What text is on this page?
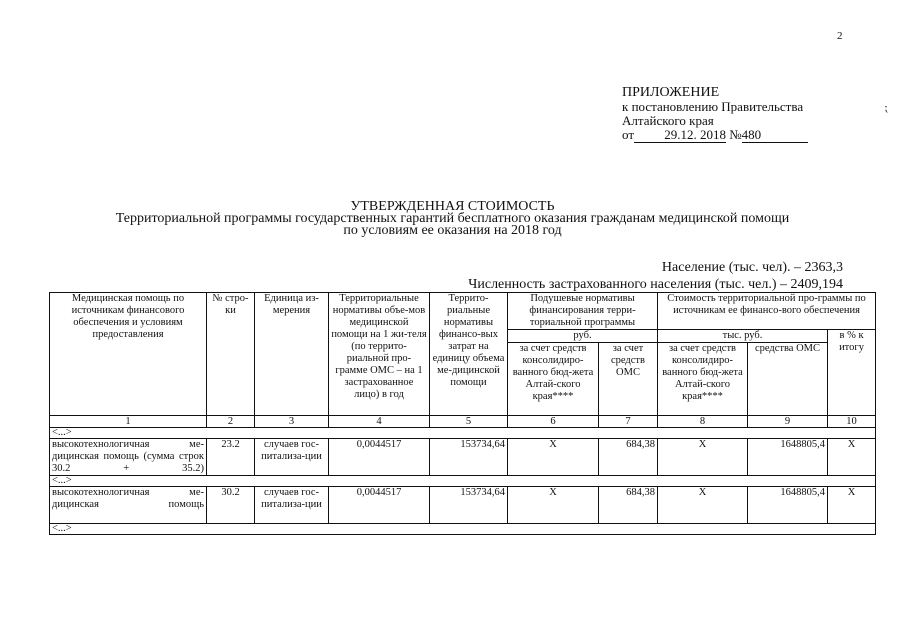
2
ПРИЛОЖЕНИЕ
к постановлению Правительства
Алтайского края
от 29.12. 2018 №480
⁏
УТВЕРЖДЕННАЯ СТОИМОСТЬ
Территориальной программы государственных гарантий бесплатного оказания гражданам медицинской помощи
по условиям ее оказания на 2018 год
Население (тыс. чел). – 2363,3
Численность застрахованного населения (тыс. чел.) – 2409,194
Медицинская помощь по источникам финансового обеспечения и условиям предоставления	№ стро-ки	Единица из-мерения	Территориальные нормативы объе-мов медицинской помощи на 1 жи-теля (по террито-риальной про-грамме ОМС – на 1 застрахованное лицо) в год	Террито-риальные нормативы финансо-вых затрат на единицу объема ме-дицинской помощи	Подушевые нормативы финансирования терри-ториальной программы		Стоимость территориальной про-граммы по источникам ее финансо-вого обеспечения		
					руб.		тыс. руб.		в % к итогу
					за счет средств консолидиро-ванного бюд-жета Алтай-ского края****	за счет средств ОМС	за счет средств консолидиро-ванного бюд-жета Алтай-ского края****	средства ОМС	
1	2	3	4	5	6	7	8	9	10
<...>									
высокотехнологичная ме-дицинская помощь (сумма строк 30.2 + 35.2)	23.2	случаев гос-питализа-ции	0,0044517	153734,64	X	684,38	X	1648805,4	X
<...>									
высокотехнологичная ме-дицинская помощь	30.2	случаев гос-питализа-ции	0,0044517	153734,64	X	684,38	X	1648805,4	X
<...>									
